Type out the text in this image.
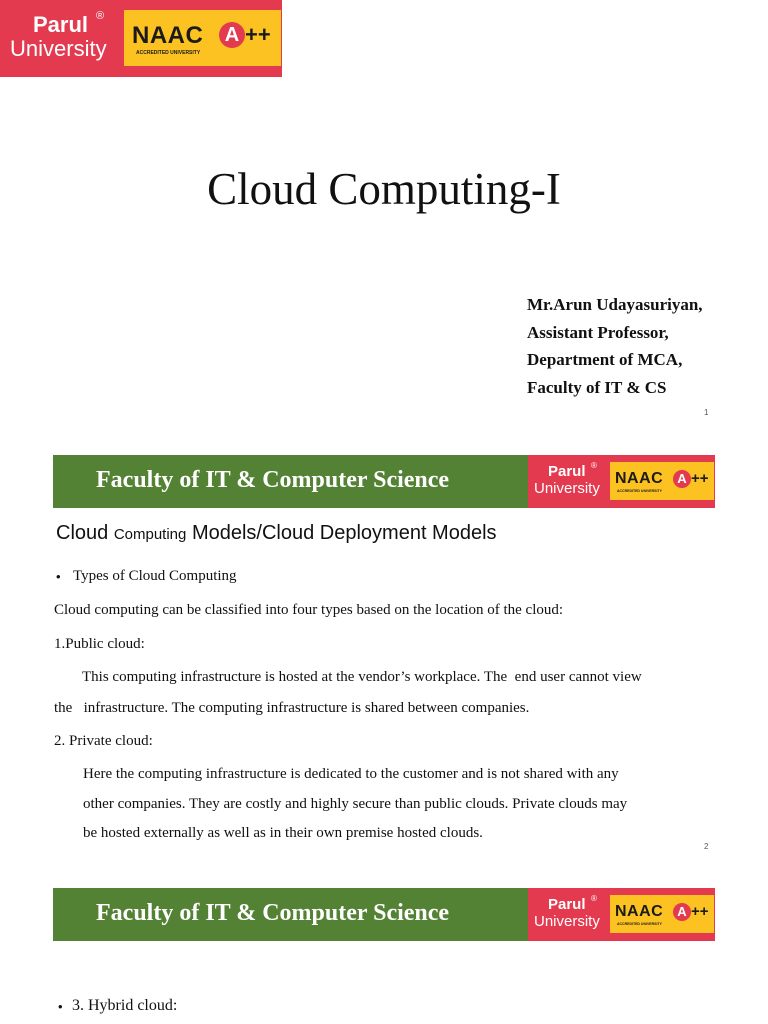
Parul ®
University NAAC
ACCREDITED UNIVERSITY
A ++
Cloud Computing-I
Mr.Arun Udayasuriyan,
Assistant Professor,
Department of MCA,
Faculty of IT & CS
1
Faculty of IT & Computer Science	Parul ®
University
NAAC
ACCREDITED UNIVERSITY
A ++
Cloud Computing Models/Cloud Deployment Models
• Types of Cloud Computing
Cloud computing can be classified into four types based on the location of the cloud:
1.Public cloud:
This computing infrastructure is hosted at the vendor’s workplace. The  end user cannot view
the   infrastructure. The computing infrastructure is shared between companies.
2. Private cloud:
Here the computing infrastructure is dedicated to the customer and is not shared with any
other companies. They are costly and highly secure than public clouds. Private clouds may
be hosted externally as well as in their own premise hosted clouds.
2
Faculty of IT & Computer Science	Parul ®
University
NAAC
ACCREDITED UNIVERSITY
A ++
• 3. Hybrid cloud:
